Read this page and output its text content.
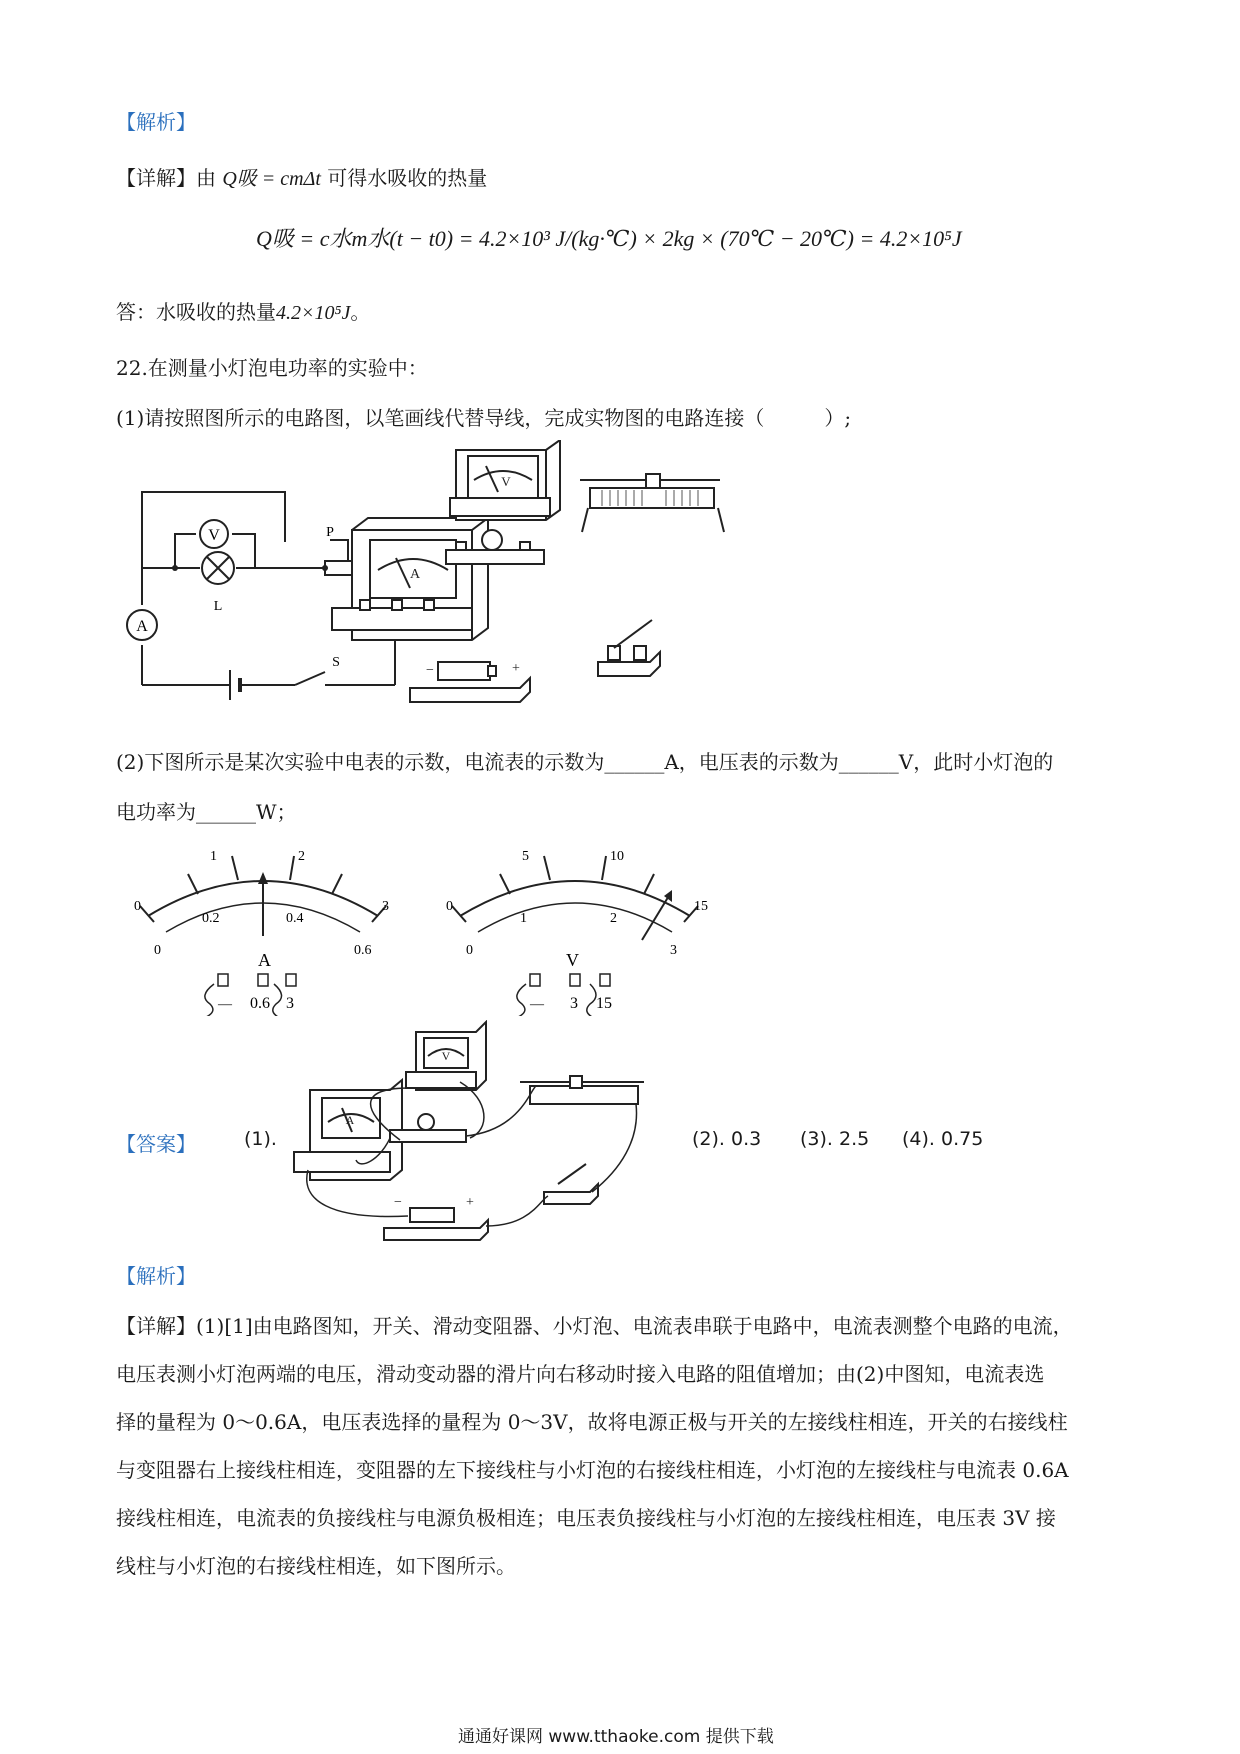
【解析】
【详解】由 Q吸 = cmΔt 可得水吸收的热量
Q吸 = c水m水(t − t0) = 4.2×10³ J/(kg·℃) × 2kg × (70℃ − 20℃) = 4.2×10⁵J
答：水吸收的热量4.2×10⁵J。
22.在测量小灯泡电功率的实验中：
(1)请按照图所示的电路图，以笔画线代替导线，完成实物图的电路连接（　　　）;
V
L
A
S
P
A
V
−	+
(2)下图所示是某次实验中电表的示数，电流表的示数为______A，电压表的示数为______V，此时小灯泡的
电功率为______W；
0
1	2
3
0
0.2	0.4
0.6
A
— 0.6 3
0
5	10
15
0
1	2
3
V
— 3 15
【答案】	(1).
A
V
−	+
(2). 0.3 (3). 2.5 (4). 0.75
【解析】
【详解】(1)[1]由电路图知，开关、滑动变阻器、小灯泡、电流表串联于电路中，电流表测整个电路的电流，
电压表测小灯泡两端的电压，滑动变动器的滑片向右移动时接入电路的阻值增加；由(2)中图知，电流表选
择的量程为 0～0.6A，电压表选择的量程为 0～3V，故将电源正极与开关的左接线柱相连，开关的右接线柱
与变阻器右上接线柱相连，变阻器的左下接线柱与小灯泡的右接线柱相连，小灯泡的左接线柱与电流表 0.6A
接线柱相连，电流表的负接线柱与电源负极相连；电压表负接线柱与小灯泡的左接线柱相连，电压表 3V 接
线柱与小灯泡的右接线柱相连，如下图所示。
通通好课网 www.tthaoke.com 提供下载
